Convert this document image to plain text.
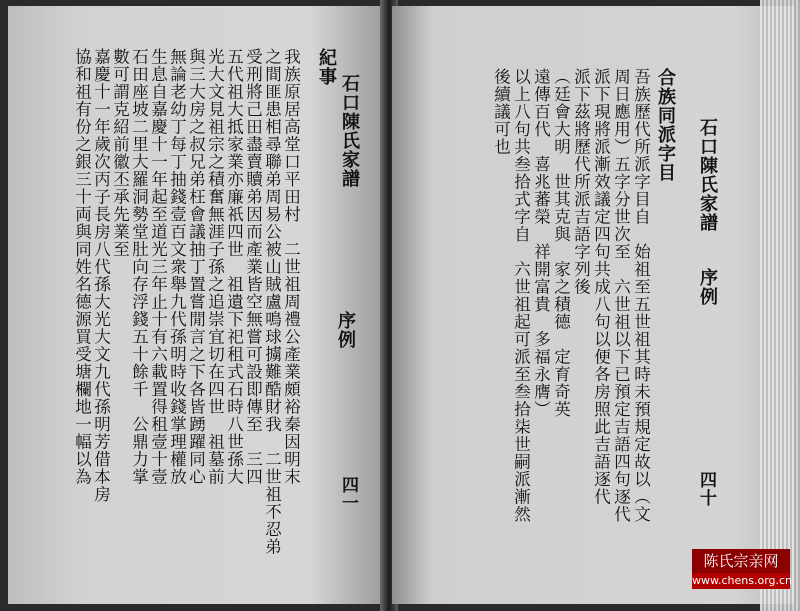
石口陳氏家譜
序例
四一
紀事
我族原居高堂口平田村　二世祖周禮公產業頗裕秦因明末
之間匪患相尋聯弟周易公被山賊盧鳴球擄難酷財我　二世祖不忍弟
受刑將己田盡賣贖弟因而產業皆空無嘗可設即傳至　三四
五代祖大抵家業亦廉祇四世　祖遺下祀租式石時八世孫大
光大文見祖宗之積奮無涯子孫之追崇宜切在四世　祖墓前
與三大房之叔兄弟枉會議抽丁置嘗閒言之下各皆踴躍同心
無論老幼丁每丁抽錢壹百文衆舉九代孫明時收錢掌理權放
生息自嘉慶十一年起至道光三年止十有六載置得租壹十壹
石田座坡二里大羅洞勢堂肚向存浮錢五十餘千　公鼎力掌
數可謂克紹前徽丕承先業至
嘉慶十一年歲次丙子長房八代孫大光大文九代孫明芳借本房
協和祖有份之銀三十両與同姓名德源買受塘欄地一幅以為	石口陳氏家譜
序例
四十
合族同派字目
吾族歷代所派字目自　始祖至五世祖其時未預規定故以（文
周日應用）五字分世次至　六世祖以下已預定吉語四句逐代
派下現將派漸效議定四句共成八句以便各房照此吉語逐代
派下茲將歷代所派吉語字列後
（廷會大明　世其克與　家之積德　定育奇英
遠傳百代　喜兆蕃榮　祥開富貴　多福永膺）
以上八句共叁拾式字自　六世祖起可派至叁拾柒世嗣派漸然
後續議可也
陈氏宗亲网
www.chens.org.cn
